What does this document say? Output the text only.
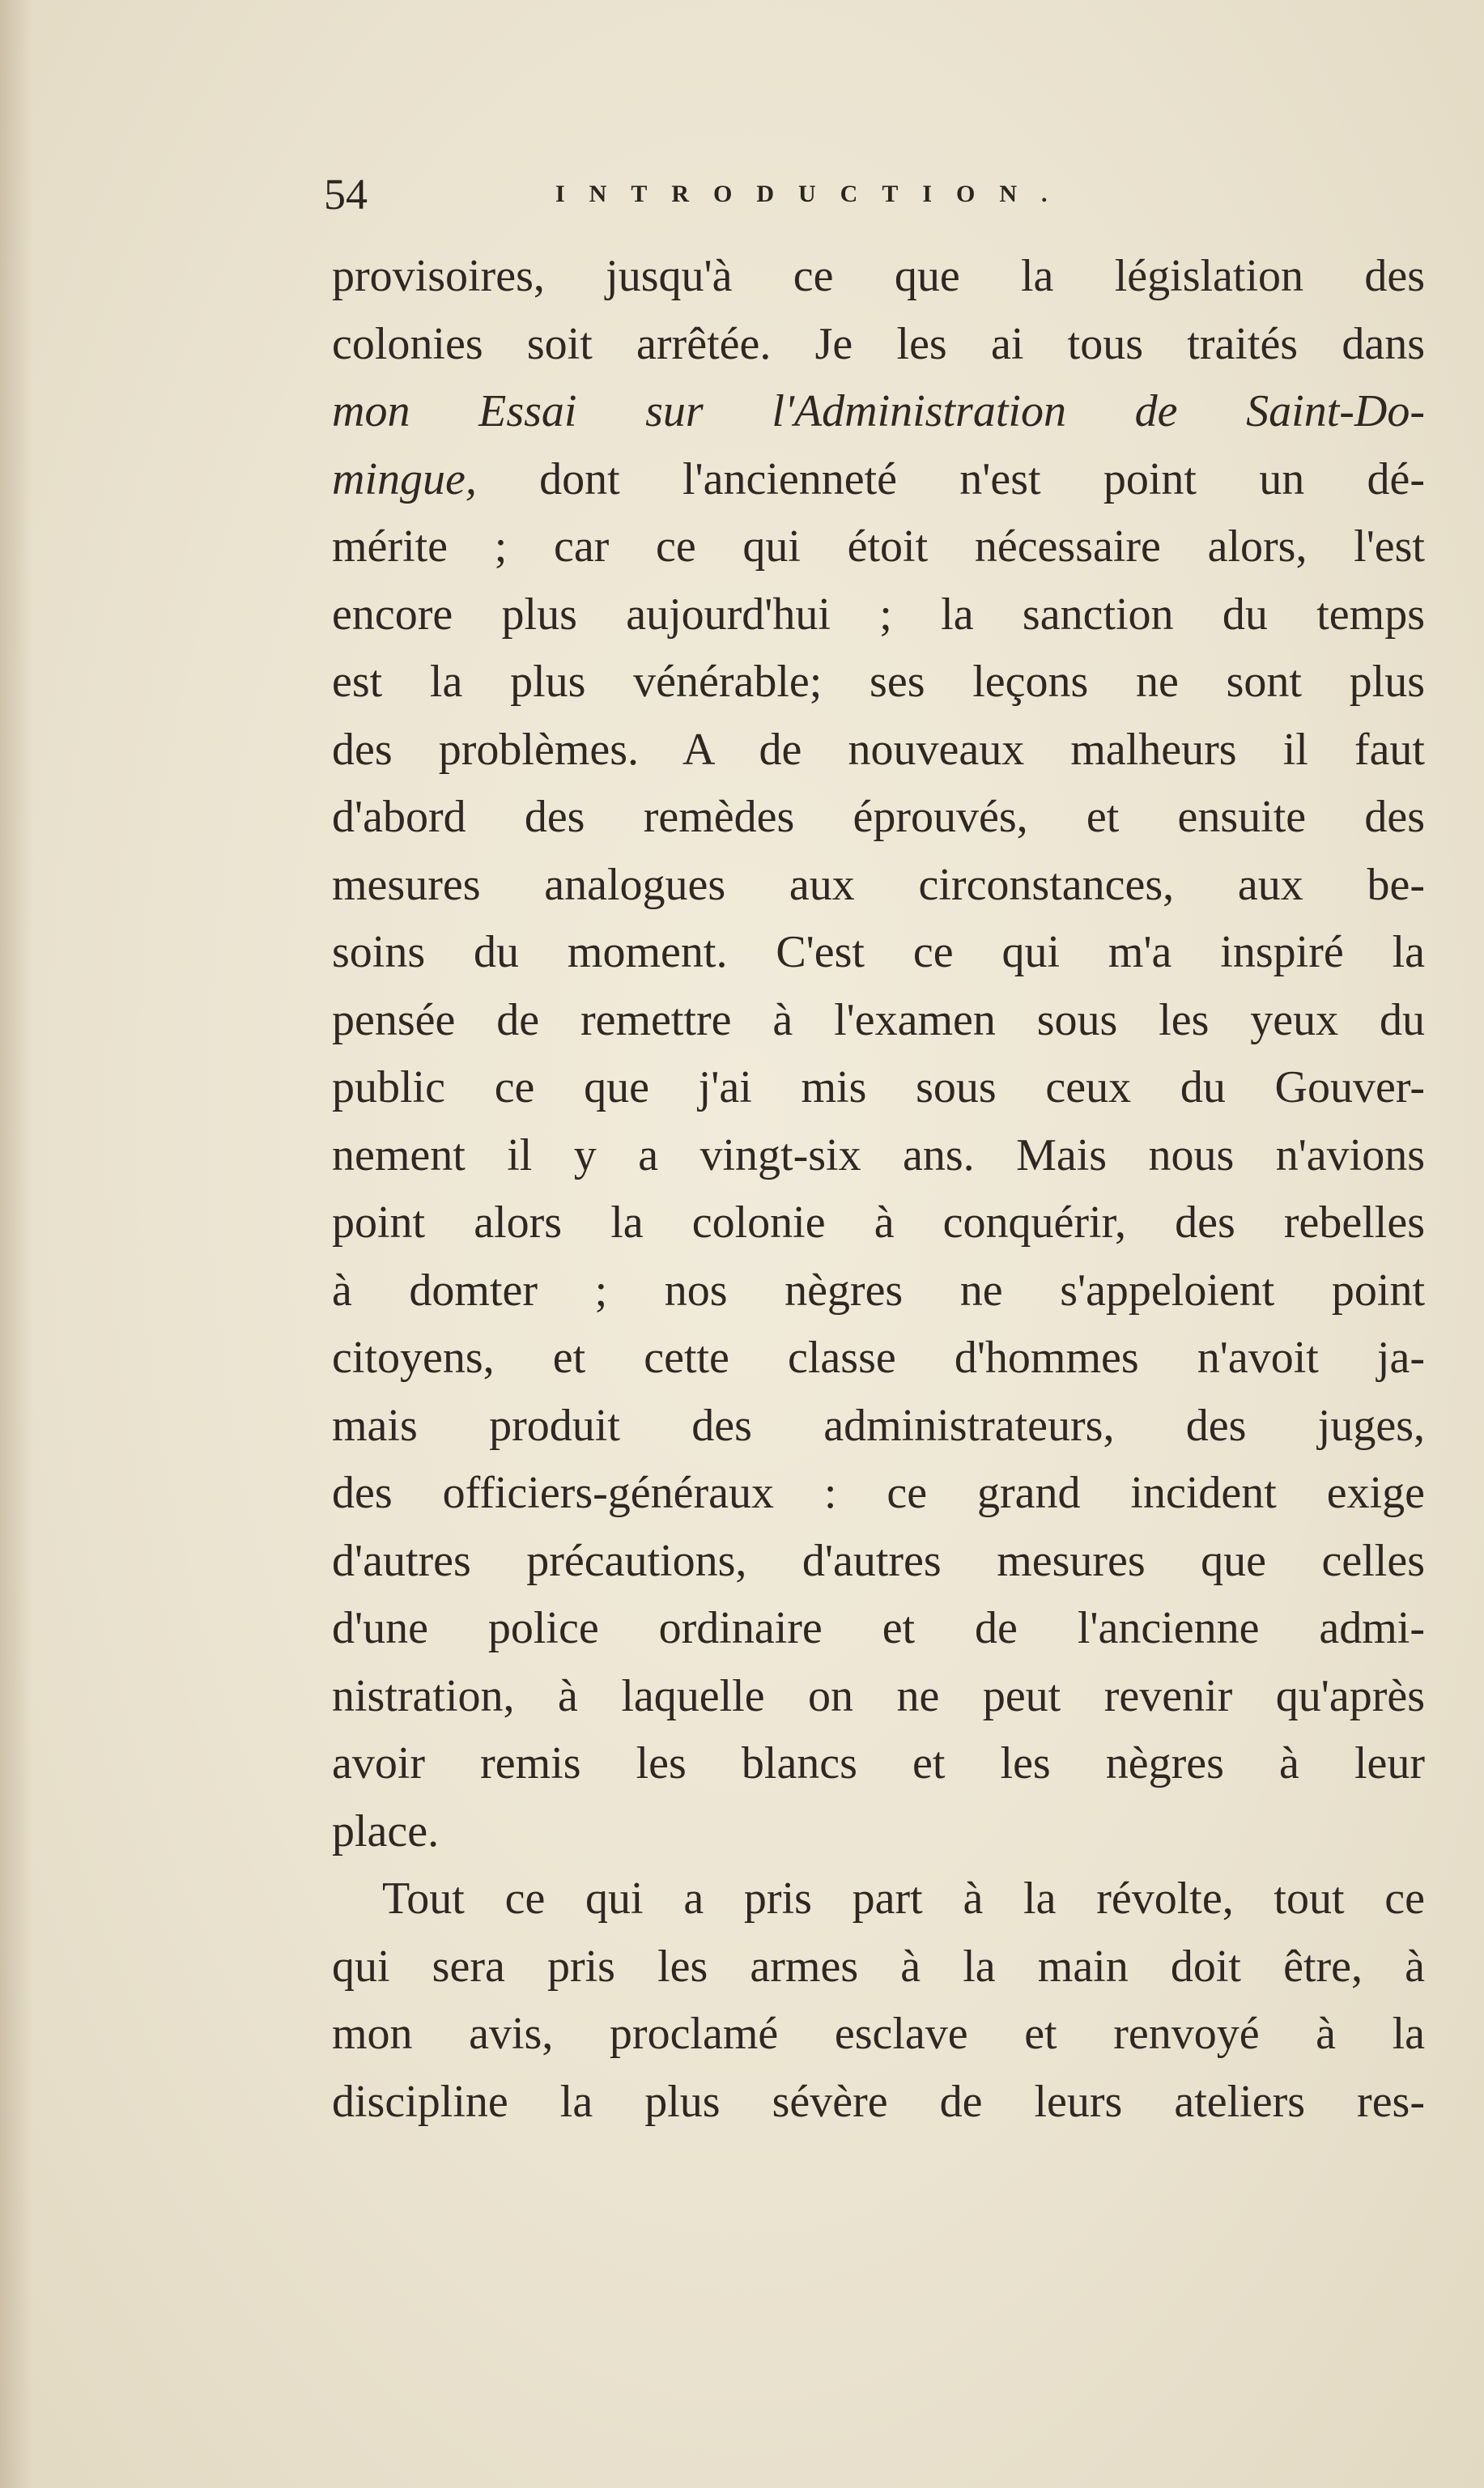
54	INTRODUCTION.
provisoires, jusqu'à ce que la législation des
colonies soit arrêtée. Je les ai tous traités dans
mon Essai sur l'Administration de Saint-Do-
mingue, dont l'ancienneté n'est point un dé-
mérite ; car ce qui étoit nécessaire alors, l'est
encore plus aujourd'hui ; la sanction du temps
est la plus vénérable; ses leçons ne sont plus
des problèmes. A de nouveaux malheurs il faut
d'abord des remèdes éprouvés, et ensuite des
mesures analogues aux circonstances, aux be-
soins du moment. C'est ce qui m'a inspiré la
pensée de remettre à l'examen sous les yeux du
public ce que j'ai mis sous ceux du Gouver-
nement il y a vingt-six ans. Mais nous n'avions
point alors la colonie à conquérir, des rebelles
à domter ; nos nègres ne s'appeloient point
citoyens, et cette classe d'hommes n'avoit ja-
mais produit des administrateurs, des juges,
des officiers-généraux : ce grand incident exige
d'autres précautions, d'autres mesures que celles
d'une police ordinaire et de l'ancienne admi-
nistration, à laquelle on ne peut revenir qu'après
avoir remis les blancs et les nègres à leur
place.
Tout ce qui a pris part à la révolte, tout ce
qui sera pris les armes à la main doit être, à
mon avis, proclamé esclave et renvoyé à la
discipline la plus sévère de leurs ateliers res-
